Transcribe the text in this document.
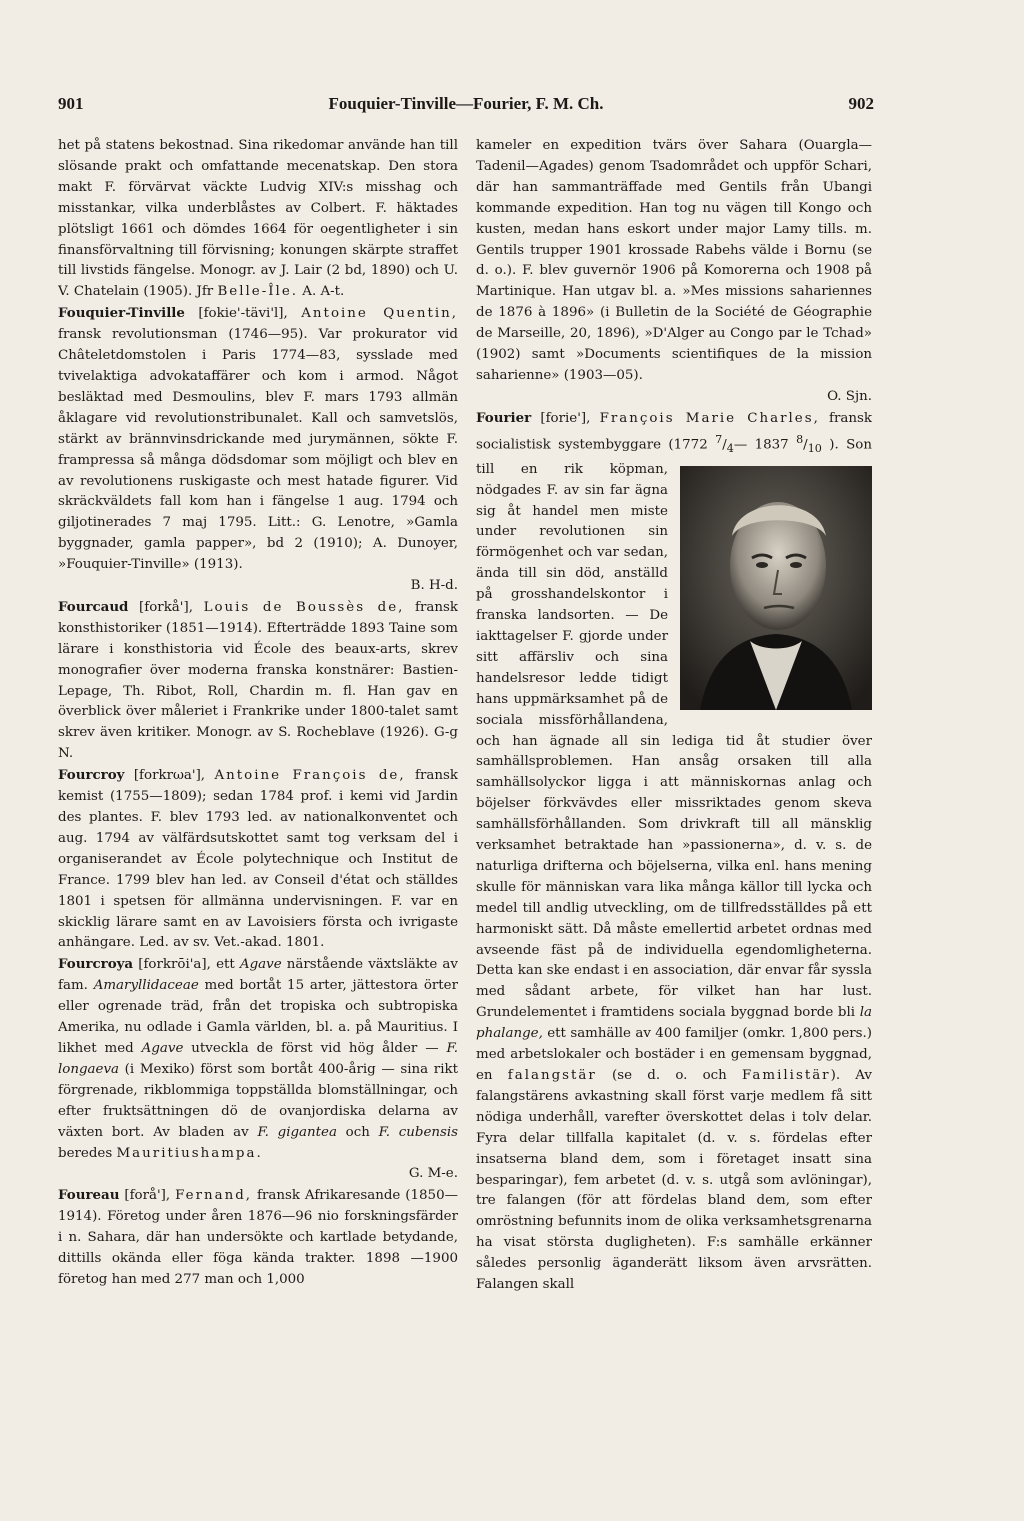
901	Fouquier-Tinville—Fourier, F. M. Ch.	902

het på statens bekostnad. Sina rikedomar använde han till slösande prakt och omfattande mecenatskap. Den stora makt F. förvärvat väckte Ludvig XIV:s misshag och misstankar, vilka underblåstes av Colbert. F. häktades plötsligt 1661 och dömdes 1664 för oegentligheter i sin finansförvaltning till förvisning; konungen skärpte straffet till livstids fängelse. Monogr. av J. Lair (2 bd, 1890) och U. V. Chatelain (1905). Jfr Belle-Île. A. A-t.

Fouquier-Tinville [fokie'-tävi'l], Antoine Quentin, fransk revolutionsman (1746—95). Var prokurator vid Châteletdomstolen i Paris 1774—83, sysslade med tvivelaktiga advokataffärer och kom i armod. Något besläktad med Desmoulins, blev F. mars 1793 allmän åklagare vid revolutionstribunalet. Kall och samvetslös, stärkt av brännvinsdrickande med jurymännen, sökte F. frampressa så många dödsdomar som möjligt och blev en av revolutionens ruskigaste och mest hatade figurer. Vid skräckväldets fall kom han i fängelse 1 aug. 1794 och giljotinerades 7 maj 1795. Litt.: G. Lenotre, »Gamla byggnader, gamla papper», bd 2 (1910); A. Dunoyer, »Fouquier-Tinville» (1913).
B. H-d.

Fourcaud [forkå'], Louis de Boussès de, fransk konsthistoriker (1851—1914). Efterträdde 1893 Taine som lärare i konsthistoria vid École des beaux-arts, skrev monografier över moderna franska konstnärer: Bastien-Lepage, Th. Ribot, Roll, Chardin m. fl. Han gav en överblick över måleriet i Frankrike under 1800-talet samt skrev även kritiker. Monogr. av S. Rocheblave (1926). G-g N.

Fourcroy [forkrωa'], Antoine François de, fransk kemist (1755—1809); sedan 1784 prof. i kemi vid Jardin des plantes. F. blev 1793 led. av nationalkonventet och aug. 1794 av välfärdsutskottet samt tog verksam del i organiserandet av École polytechnique och Institut de France. 1799 blev han led. av Conseil d'état och ställdes 1801 i spetsen för allmänna undervisningen. F. var en skicklig lärare samt en av Lavoisiers första och ivrigaste anhängare. Led. av sv. Vet.-akad. 1801.

Fourcroya [forkrōi'a], ett Agave närstående växtsläkte av fam. Amaryllidaceae med bortåt 15 arter, jättestora örter eller ogrenade träd, från det tropiska och subtropiska Amerika, nu odlade i Gamla världen, bl. a. på Mauritius. I likhet med Agave utveckla de först vid hög ålder — F. longaeva (i Mexiko) först som bortåt 400-årig — sina rikt förgrenade, rikblommiga toppställda blomställningar, och efter fruktsättningen dö de ovanjordiska delarna av växten bort. Av bladen av F. gigantea och F. cubensis beredes Mauritiushampa.
G. M-e.

Foureau [forå'], Fernand, fransk Afrikaresande (1850—1914). Företog under åren 1876—96 nio forskningsfärder i n. Sahara, där han undersökte och kartlade betydande, dittills okända eller föga kända trakter. 1898 —1900 företog han med 277 man och 1,000

kameler en expedition tvärs över Sahara (Ouargla—Tadenil—Agades) genom Tsadområdet och uppför Schari, där han sammanträffade med Gentils från Ubangi kommande expedition. Han tog nu vägen till Kongo och kusten, medan hans eskort under major Lamy tills. m. Gentils trupper 1901 krossade Rabehs välde i Bornu (se d. o.). F. blev guvernör 1906 på Komorerna och 1908 på Martinique. Han utgav bl. a. »Mes missions sahariennes de 1876 à 1896» (i Bulletin de la Société de Géographie de Marseille, 20, 1896), »D'Alger au Congo par le Tchad» (1902) samt »Documents scientifiques de la mission saharienne» (1903—05).
O. Sjn.

Fourier [forie'], François Marie Charles, fransk socialistisk systembyggare (1772 $^7/_4—$ 1837 $^8/_{10}$ ). Son till en rik köpman, nödgades F. av sin far ägna sig åt handel men miste under revolutionen sin förmögenhet och var sedan, ända till sin död, anställd på grosshandelskontor i franska landsorten. — De iakttagelser F. gjorde under sitt affärsliv och sina handelsresor ledde tidigt hans uppmärksamhet på de sociala missförhållandena, och han ägnade all sin lediga tid åt studier över samhällsproblemen. Han ansåg orsaken till alla samhällsolyckor ligga i att människornas anlag och böjelser förkvävdes eller missriktades genom skeva samhällsförhållanden. Som drivkraft till all mänsklig verksamhet betraktade han »passionerna», d. v. s. de naturliga drifterna och böjelserna, vilka enl. hans mening skulle för människan vara lika många källor till lycka och medel till andlig utveckling, om de tillfredsställdes på ett harmoniskt sätt. Då måste emellertid arbetet ordnas med avseende fäst på de individuella egendomligheterna. Detta kan ske endast i en association, där envar får syssla med sådant arbete, för vilket han har lust. Grundelementet i framtidens sociala byggnad borde bli la phalange, ett samhälle av 400 familjer (omkr. 1,800 pers.) med arbetslokaler och bostäder i en gemensam byggnad, en falangstär (se d. o. och Familistär). Av falangstärens avkastning skall först varje medlem få sitt nödiga underhåll, varefter överskottet delas i tolv delar. Fyra delar tillfalla kapitalet (d. v. s. fördelas efter insatserna bland dem, som i företaget insatt sina besparingar), fem arbetet (d. v. s. utgå som avlöningar), tre falangen (för att fördelas bland dem, som efter omröstning befunnits inom de olika verksamhetsgrenarna ha visat största dugligheten). F:s samhälle erkänner således personlig äganderätt liksom även arvsrätten. Falangen skall
